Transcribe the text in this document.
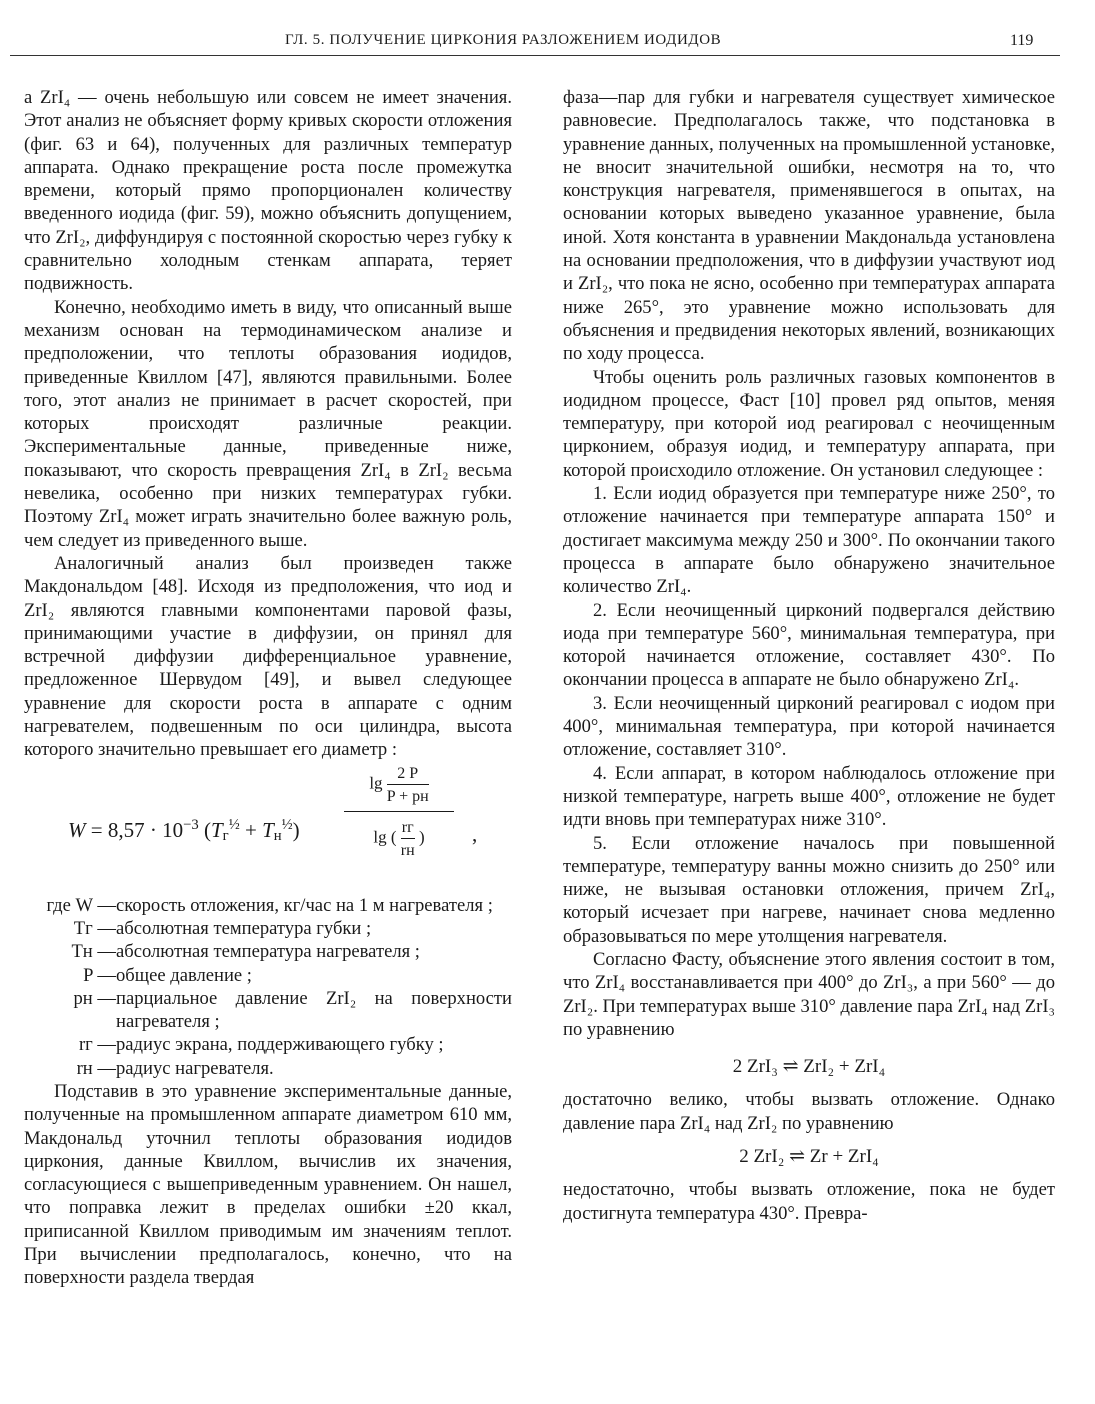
ГЛ. 5. ПОЛУЧЕНИЕ ЦИРКОНИЯ РАЗЛОЖЕНИЕМ ИОДИДОВ	119

а ZrI₄ — очень небольшую или совсем не имеет значения. Этот анализ не объясняет форму кривых скорости отложения (фиг. 63 и 64), полученных для различных температур аппарата. Однако прекращение роста после промежутка времени, который прямо пропорционален количеству введенного иодида (фиг. 59), можно объяснить допущением, что ZrI₂, диффундируя с постоянной скоростью через губку к сравнительно холодным стенкам аппарата, теряет подвижность.

Конечно, необходимо иметь в виду, что описанный выше механизм основан на термодинамическом анализе и предположении, что теплоты образования иодидов, приведенные Квиллом [47], являются правильными. Более того, этот анализ не принимает в расчет скоростей, при которых происходят различные реакции. Экспериментальные данные, приведенные ниже, показывают, что скорость превращения ZrI₄ в ZrI₂ весьма невелика, особенно при низких температурах губки. Поэтому ZrI₄ может играть значительно более важную роль, чем следует из приведенного выше.

Аналогичный анализ был произведен также Макдональдом [48]. Исходя из предположения, что иод и ZrI₂ являются главными компонентами паровой фазы, принимающими участие в диффузии, он принял для встречной диффузии дифференциальное уравнение, предложенное Шервудом [49], и вывел следующее уравнение для скорости роста в аппарате с одним нагревателем, подвешенным по оси цилиндра, высота которого значительно превышает его диаметр :

$W = 8,57 \cdot 10^{-3}$ $(Tг^{\frac{1}{2}} + Tн^{\frac{1}{2}})$
lg 2 P
P + pн
lg ( rг
rн )	,
где W — скорость отложения, кг/час на 1 м нагревателя ;
Tг — абсолютная температура губки ;
Tн — абсолютная температура нагревателя ;
P — общее давление ;
pн — парциальное давление ZrI₂ на поверхности нагревателя ;
rг — радиус экрана, поддерживающего губку ;
rн — радиус нагревателя.

Подставив в это уравнение экспериментальные данные, полученные на промышленном аппарате диаметром 610 мм, Макдональд уточнил теплоты образования иодидов циркония, данные Квиллом, вычислив их значения, согласующиеся с вышеприведенным уравнением. Он нашел, что поправка лежит в пределах ошибки ±20 ккал, приписанной Квиллом приводимым им значениям теплот. При вычислении предполагалось, конечно, что на поверхности раздела твердая

фаза—пар для губки и нагревателя существует химическое равновесие. Предполагалось также, что подстановка в уравнение данных, полученных на промышленной установке, не вносит значительной ошибки, несмотря на то, что конструкция нагревателя, применявшегося в опытах, на основании которых выведено указанное уравнение, была иной. Хотя константа в уравнении Макдональда установлена на основании предположения, что в диффузии участвуют иод и ZrI₂, что пока не ясно, особенно при температурах аппарата ниже 265°, это уравнение можно использовать для объяснения и предвидения некоторых явлений, возникающих по ходу процесса.

Чтобы оценить роль различных газовых компонентов в иодидном процессе, Фаст [10] провел ряд опытов, меняя температуру, при которой иод реагировал с неочищенным цирконием, образуя иодид, и температуру аппарата, при которой происходило отложение. Он установил следующее :

1. Если иодид образуется при температуре ниже 250°, то отложение начинается при температуре аппарата 150° и достигает максимума между 250 и 300°. По окончании такого процесса в аппарате было обнаружено значительное количество ZrI₄.

2. Если неочищенный цирконий подвергался действию иода при температуре 560°, минимальная температура, при которой начинается отложение, составляет 430°. По окончании процесса в аппарате не было обнаружено ZrI₄.

3. Если неочищенный цирконий реагировал с иодом при 400°, минимальная температура, при которой начинается отложение, составляет 310°.

4. Если аппарат, в котором наблюдалось отложение при низкой температуре, нагреть выше 400°, отложение не будет идти вновь при температурах ниже 310°.

5. Если отложение началось при повышенной температуре, температуру ванны можно снизить до 250° или ниже, не вызывая остановки отложения, причем ZrI₄, который исчезает при нагреве, начинает снова медленно образовываться по мере утолщения нагревателя.

Согласно Фасту, объяснение этого явления состоит в том, что ZrI₄ восстанавливается при 400° до ZrI₃, а при 560° — до ZrI₂. При температурах выше 310° давление пара ZrI₄ над ZrI₃ по уравнению

2 ZrI₃ ⇌ ZrI₂ + ZrI₄

достаточно велико, чтобы вызвать отложение. Однако давление пара ZrI₄ над ZrI₂ по уравнению

2 ZrI₂ ⇌ Zr + ZrI₄

недостаточно, чтобы вызвать отложение, пока не будет достигнута температура 430°. Превра-
